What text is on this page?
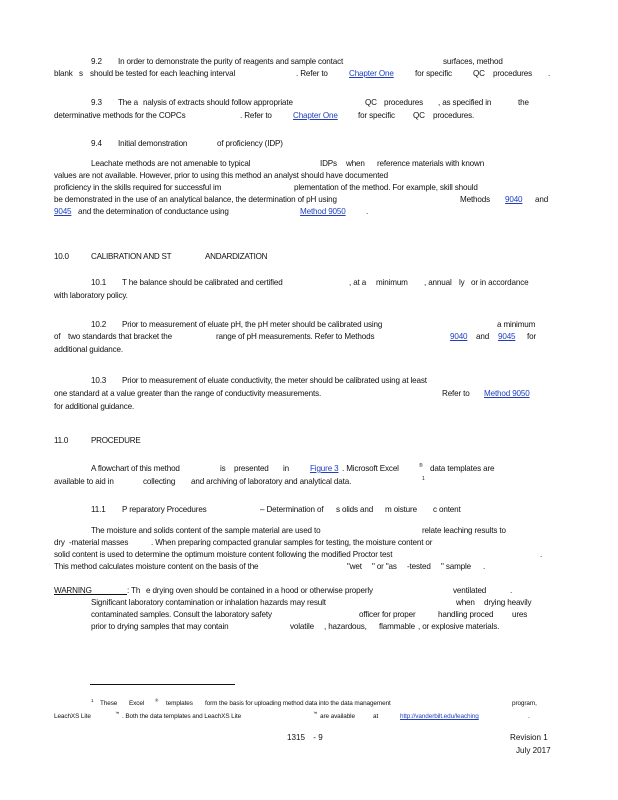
9.2 In order to demonstrate the purity of reagents and sample contact	surfaces, method
blank s should be tested for each leaching interval	. Refer to	Chapter One	for specific	QC procedures .
9.3 The a nalysis of extracts should follow appropriate	QC procedures , as specified in	the
determinative methods for the COPCs	. Refer to	Chapter One	for specific QC procedures.
9.4 Initial demonstration	of proficiency (IDP)
Leachate methods are not amenable to typical	IDPs when reference materials with known
values are not available. However, prior to using this method an analyst should have documented
proficiency in the skills required for successful im	plementation of the method. For example, skill should
be demonstrated in the use of an analytical balance, the determination of pH using	Methods 9040	and
9045 and the determination of conductance using	Method 9050	.
10.0	CALIBRATION AND ST	ANDARDIZATION
10.1 T he balance should be calibrated and certified	, at a minimum , annual ly or in accordance
with laboratory policy.
10.2 Prior to measurement of eluate pH, the pH meter should be calibrated using	a minimum
of two standards that bracket the	range of pH measurements. Refer to Methods	9040	and 9045	for
additional guidance.
10.3 Prior to measurement of eluate conductivity, the meter should be calibrated using at least
one standard at a value greater than the range of conductivity measurements.	Refer to Method 9050
for additional guidance.
11.0	PROCEDURE
A flowchart of this method	is presented in	Figure 3 . Microsoft Excel	® data templates are
available to aid in	collecting and archiving of laboratory and analytical data.	1
11.1 P reparatory Procedures	– Determination of s olids and m oisture c ontent
The moisture and solids content of the sample material are used to	relate leaching results to
dry -material masses	. When preparing compacted granular samples for testing, the moisture content or
solid content is used to determine the optimum moisture content following the modified Proctor test	.
This method calculates moisture content on the basis of the	"wet " or "as -tested " sample .
WARNING	: Th e drying oven should be contained in a hood or otherwise properly	ventilated	.
Significant laboratory contamination or inhalation hazards may result	when drying heavily
contaminated samples. Consult the laboratory safety	officer for proper	handling proced ures
prior to drying samples that may contain	volatile , hazardous, flammable , or explosive materials.
1 These Excel ® templates form the basis for uploading method data into the data management	program,
LeachXS Lite	™ . Both the data templates and LeachXS Lite	™ are available	at	http://vanderbilt.edu/leaching	.
1315 - 9	Revision 1
July 2017
